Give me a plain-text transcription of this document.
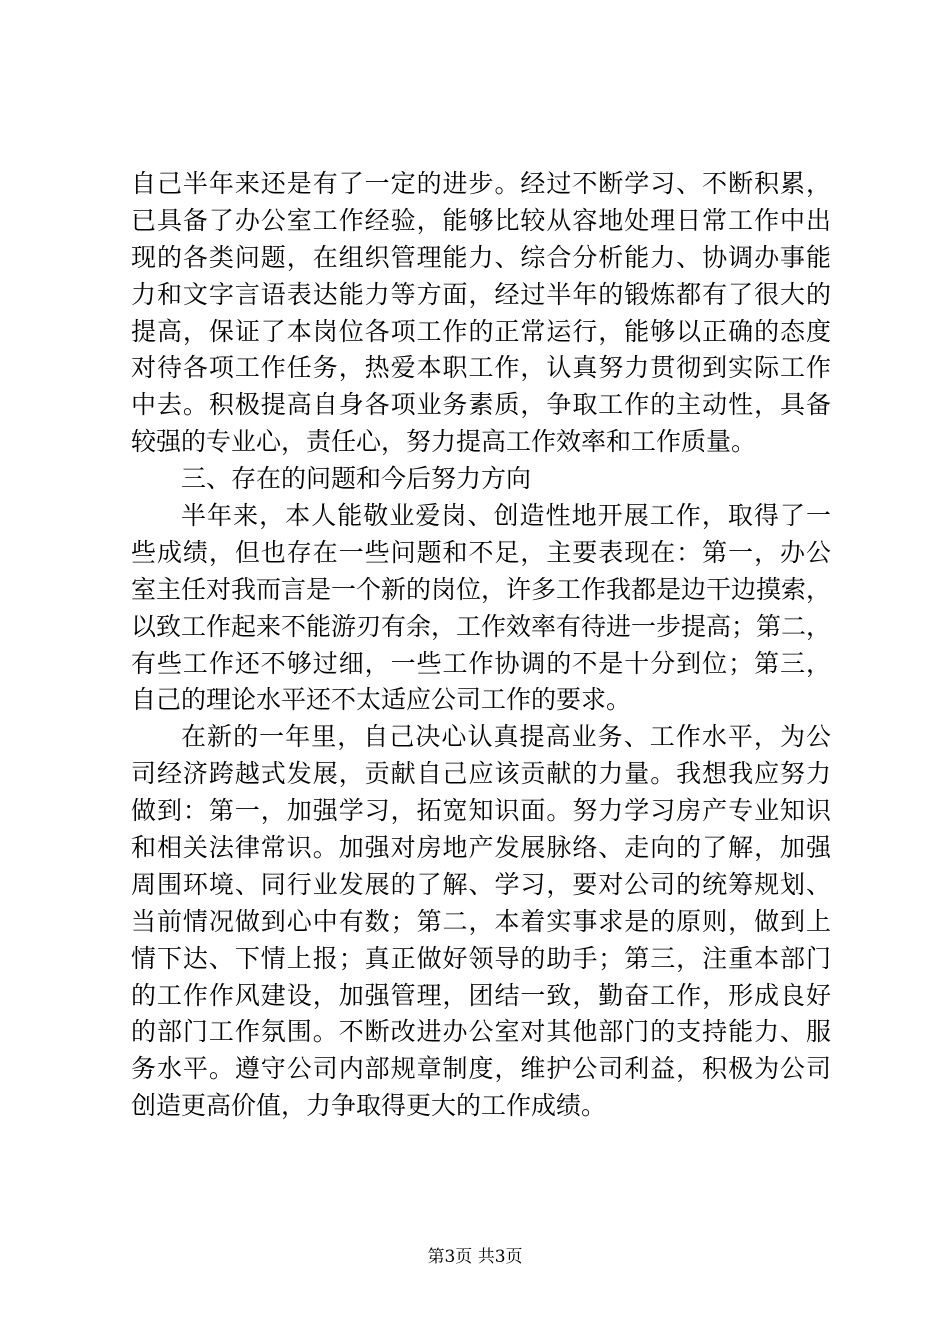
自己半年来还是有了一定的进步。经过不断学习、不断积累，
已具备了办公室工作经验，能够比较从容地处理日常工作中出
现的各类问题，在组织管理能力、综合分析能力、协调办事能
力和文字言语表达能力等方面，经过半年的锻炼都有了很大的
提高，保证了本岗位各项工作的正常运行，能够以正确的态度
对待各项工作任务，热爱本职工作，认真努力贯彻到实际工作
中去。积极提高自身各项业务素质，争取工作的主动性，具备
较强的专业心，责任心，努力提高工作效率和工作质量。
三、存在的问题和今后努力方向
半年来，本人能敬业爱岗、创造性地开展工作，取得了一
些成绩，但也存在一些问题和不足，主要表现在：第一，办公
室主任对我而言是一个新的岗位，许多工作我都是边干边摸索，
以致工作起来不能游刃有余，工作效率有待进一步提高；第二，
有些工作还不够过细，一些工作协调的不是十分到位；第三，
自己的理论水平还不太适应公司工作的要求。
在新的一年里，自己决心认真提高业务、工作水平，为公
司经济跨越式发展，贡献自己应该贡献的力量。我想我应努力
做到：第一，加强学习，拓宽知识面。努力学习房产专业知识
和相关法律常识。加强对房地产发展脉络、走向的了解，加强
周围环境、同行业发展的了解、学习，要对公司的统筹规划、
当前情况做到心中有数；第二，本着实事求是的原则，做到上
情下达、下情上报；真正做好领导的助手；第三，注重本部门
的工作作风建设，加强管理，团结一致，勤奋工作，形成良好
的部门工作氛围。不断改进办公室对其他部门的支持能力、服
务水平。遵守公司内部规章制度，维护公司利益，积极为公司
创造更高价值，力争取得更大的工作成绩。
第3页 共3页
